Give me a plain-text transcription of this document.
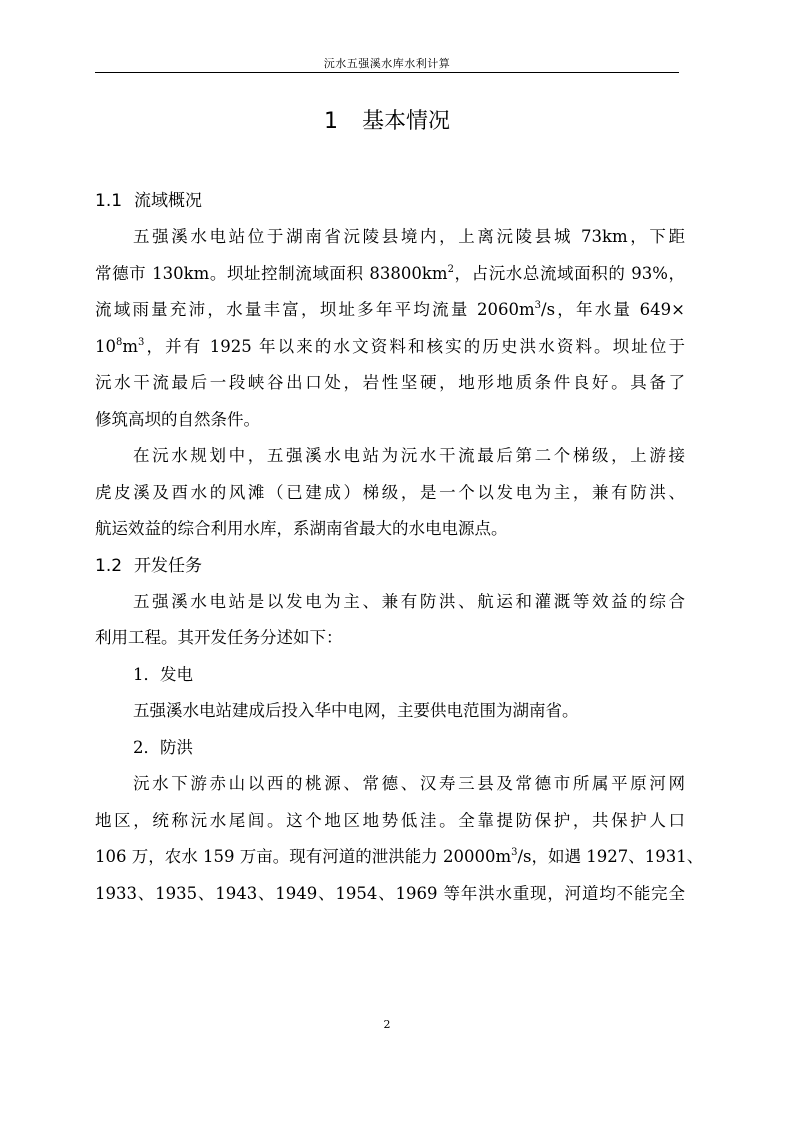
沅水五强溪水库水利计算
1 基本情况
1.1 流域概况
五强溪水电站位于湖南省沅陵县境内，上离沅陵县城 73km，下距
常德市 130km。坝址控制流域面积 $83800km^2$，占沅水总流域面积的 93%，
流域雨量充沛，水量丰富，坝址多年平均流量 $2060m^3/s$，年水量 649×
$10^8m^3$，并有 1925 年以来的水文资料和核实的历史洪水资料。坝址位于
沅水干流最后一段峡谷出口处，岩性坚硬，地形地质条件良好。具备了
修筑高坝的自然条件。
在沅水规划中，五强溪水电站为沅水干流最后第二个梯级，上游接
虎皮溪及酉水的风滩（已建成）梯级，是一个以发电为主，兼有防洪、
航运效益的综合利用水库，系湖南省最大的水电电源点。
1.2 开发任务
五强溪水电站是以发电为主、兼有防洪、航运和灌溉等效益的综合
利用工程。其开发任务分述如下：
1．发电
五强溪水电站建成后投入华中电网，主要供电范围为湖南省。
2．防洪
沅水下游赤山以西的桃源、常德、汉寿三县及常德市所属平原河网
地区，统称沅水尾闾。这个地区地势低洼。全靠提防保护，共保护人口
106 万，农水 159 万亩。现有河道的泄洪能力 $20000m^3/s$，如遇 1927、1931、
1933、1935、1943、1949、1954、1969 等年洪水重现，河道均不能完全
2
